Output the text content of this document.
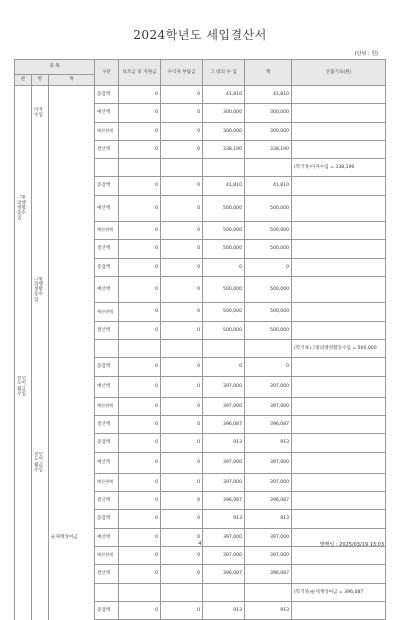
2024학년도 세입결산서
(단위 : 원)
과 목			구분	보조금 및 지원금	수익자 부담금	그 밖의 수 입	계	산출기초(원)
관	항	목						
			증감액	0	0	41,810	41,810	
	이자수입		예산액	0	0	300,000	300,000	
			예산현액	0	0	300,000	300,000	
			결산액	0	0	338,190	338,190	
								(학기목)이자수입 = 338,190
			증감액	0	0	41,810	41,810	
그밖의행정활동수입			예산액	0	0	500,000	500,000	
			예산현액	0	0	500,000	500,000	
			결산액	0	0	500,000	500,000	
			증감액	0	0	0	0	
	그밖의행정활동수입		예산액	0	0	500,000	500,000	
			예산현액	0	0	500,000	500,000	
			결산액	0	0	500,000	500,000	
								(학기목)그밖의행정활동수입 = 500,000
			증감액	0	0	0	0	
전년도이월금수입			예산액	0	0	397,000	397,000	
			예산현액	0	0	397,000	397,000	
			결산액	0	0	396,087	396,087	
			증감액	0	0	913	913	
	전년도이월금수입		예산액	0	0	397,000	397,000	
			예산현액	0	0	397,000	397,000	
			결산액	0	0	396,087	396,087	
			증감액	0	0	913	913	
		순세계잉여금	예산액	0	0	397,000	397,000	
			예산현액	0	0	397,000	397,000	
			결산액	0	0	396,087	396,087	
								(학기목)순세계잉여금 = 396,087
			증감액	0	0	913	913	
4	발행일 : 2025/03/19 13:03
